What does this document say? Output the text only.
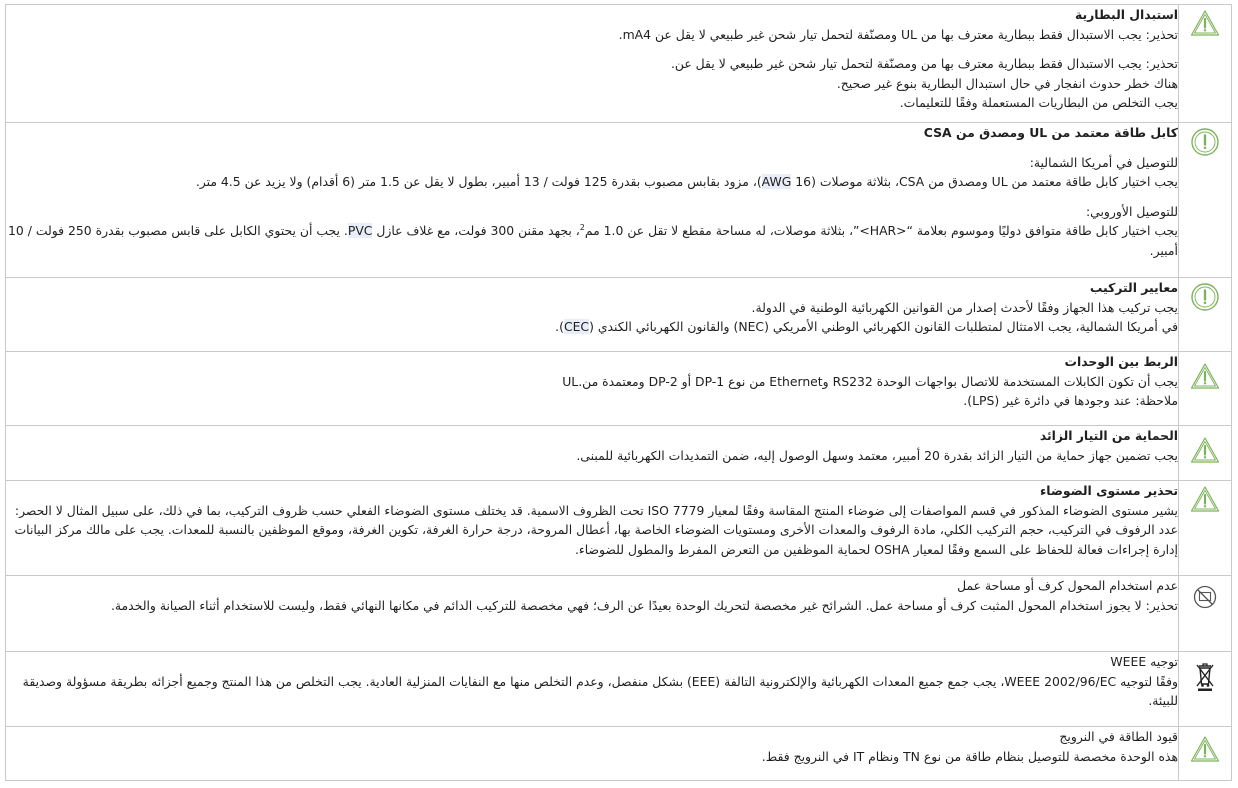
استبدال البطارية
تحذير: يجب الاستبدال فقط ببطارية معترف بها من UL ومصنّفة لتحمل تيار شحن غير طبيعي لا يقل عن mA4.
تحذير: يجب الاستبدال فقط ببطارية معترف بها من ومصنّفة لتحمل تيار شحن غير طبيعي لا يقل عن.
هناك خطر حدوث انفجار في حال استبدال البطارية بنوع غير صحيح.
يجب التخلص من البطاريات المستعملة وفقًا للتعليمات.

كابل طاقة معتمد من UL ومصدق من CSA
للتوصيل في أمريكا الشمالية:
يجب اختيار كابل طاقة معتمد من UL ومصدق من CSA، بثلاثة موصلات (16 AWG)، مزود بقابس مصبوب بقدرة 125 فولت / 13 أمبير، بطول لا يقل عن 1.5 متر (6 أقدام) ولا يزيد عن 4.5 متر.
للتوصيل الأوروبي:
يجب اختيار كابل طاقة متوافق دوليًا وموسوم بعلامة “<HAR>”، بثلاثة موصلات، له مساحة مقطع لا تقل عن 1.0 مم$^2$، بجهد مقنن 300 فولت، مع غلاف عازل PVC. يجب أن يحتوي الكابل على قابس مصبوب بقدرة 250 فولت / 10 أمبير.

معايير التركيب
يجب تركيب هذا الجهاز وفقًا لأحدث إصدار من القوانين الكهربائية الوطنية في الدولة.
في أمريكا الشمالية، يجب الامتثال لمتطلبات القانون الكهربائي الوطني الأمريكي (NEC) والقانون الكهربائي الكندي (CEC).

الربط بين الوحدات
يجب أن تكون الكابلات المستخدمة للاتصال بواجهات الوحدة RS232 وEthernet من نوع DP-1 أو DP-2 ومعتمدة من.UL
ملاحظة: عند وجودها في دائرة غير (LPS).

الحماية من التيار الزائد
يجب تضمين جهاز حماية من التيار الزائد بقدرة 20 أمبير، معتمد وسهل الوصول إليه، ضمن التمديدات الكهربائية للمبنى.

تحذير مستوى الضوضاء
يشير مستوى الضوضاء المذكور في قسم المواصفات إلى ضوضاء المنتج المقاسة وفقًا لمعيار ISO 7779 تحت الظروف الاسمية. قد يختلف مستوى الضوضاء الفعلي حسب ظروف التركيب، بما في ذلك، على سبيل المثال لا الحصر: عدد الرفوف في التركيب، حجم التركيب الكلي، مادة الرفوف والمعدات الأخرى ومستويات الضوضاء الخاصة بها، أعطال المروحة، درجة حرارة الغرفة، تكوين الغرفة، وموقع الموظفين بالنسبة للمعدات. يجب على مالك مركز البيانات إدارة إجراءات فعالة للحفاظ على السمع وفقًا لمعيار OSHA لحماية الموظفين من التعرض المفرط والمطول للضوضاء.

عدم استخدام المحول كرف أو مساحة عمل
تحذير: لا يجوز استخدام المحول المثبت كرف أو مساحة عمل. الشرائح غير مخصصة لتحريك الوحدة بعيدًا عن الرف؛ فهي مخصصة للتركيب الدائم في مكانها النهائي فقط، وليست للاستخدام أثناء الصيانة والخدمة.

توجيه WEEE
وفقًا لتوجيه WEEE 2002/96/EC، يجب جمع جميع المعدات الكهربائية والإلكترونية التالفة (EEE) بشكل منفصل، وعدم التخلص منها مع النفايات المنزلية العادية. يجب التخلص من هذا المنتج وجميع أجزائه بطريقة مسؤولة وصديقة للبيئة.

قيود الطاقة في النرويج
هذه الوحدة مخصصة للتوصيل بنظام طاقة من نوع TN ونظام IT في النرويج فقط.
